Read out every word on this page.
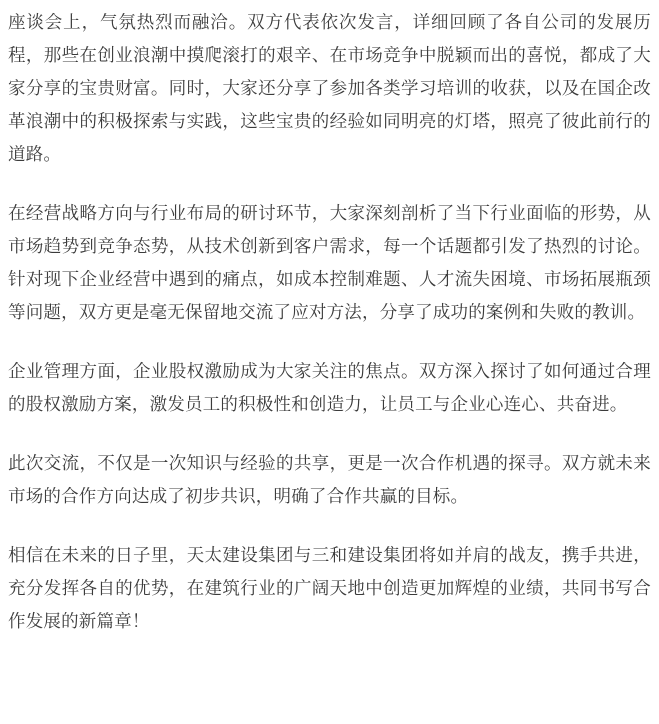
座谈会上，气氛热烈而融洽。双方代表依次发言，详细回顾了各自公司的发展历程，那些在创业浪潮中摸爬滚打的艰辛、在市场竞争中脱颖而出的喜悦，都成了大家分享的宝贵财富。同时，大家还分享了参加各类学习培训的收获，以及在国企改革浪潮中的积极探索与实践，这些宝贵的经验如同明亮的灯塔，照亮了彼此前行的道路。

在经营战略方向与行业布局的研讨环节，大家深刻剖析了当下行业面临的形势，从市场趋势到竞争态势，从技术创新到客户需求，每一个话题都引发了热烈的讨论。针对现下企业经营中遇到的痛点，如成本控制难题、人才流失困境、市场拓展瓶颈等问题，双方更是毫无保留地交流了应对方法，分享了成功的案例和失败的教训。

企业管理方面，企业股权激励成为大家关注的焦点。双方深入探讨了如何通过合理的股权激励方案，激发员工的积极性和创造力，让员工与企业心连心、共奋进。

此次交流，不仅是一次知识与经验的共享，更是一次合作机遇的探寻。双方就未来市场的合作方向达成了初步共识，明确了合作共赢的目标。

相信在未来的日子里，天太建设集团与三和建设集团将如并肩的战友，携手共进，充分发挥各自的优势，在建筑行业的广阔天地中创造更加辉煌的业绩，共同书写合作发展的新篇章！
